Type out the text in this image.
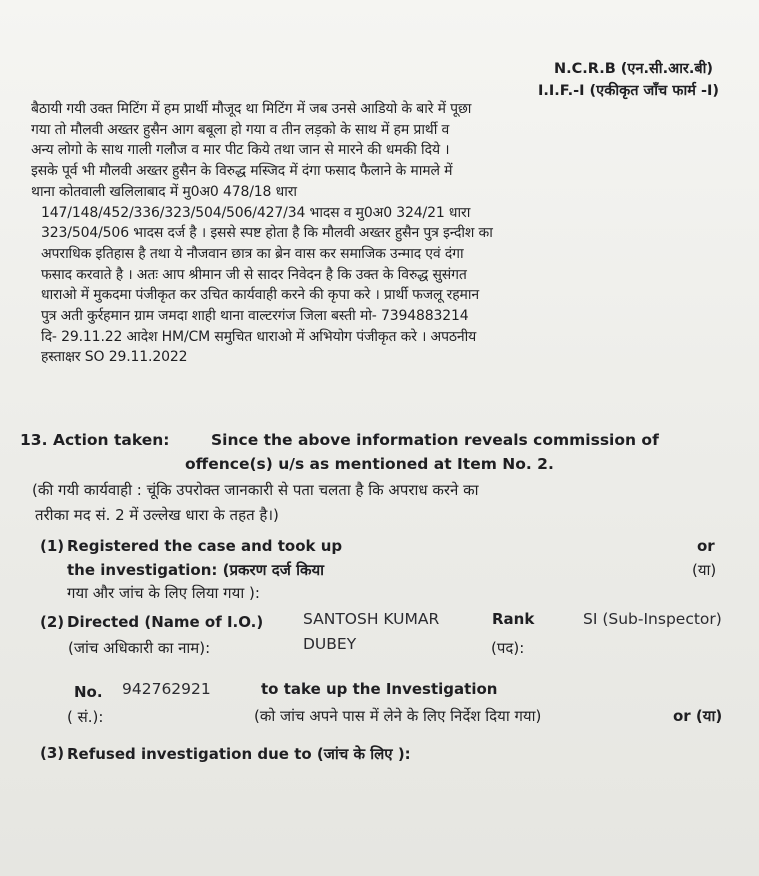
N.C.R.B (एन.सी.आर.बी)
I.I.F.-I (एकीकृत जाँच फार्म -I)
बैठायी गयी उक्त मिटिंग में हम प्रार्थी मौजूद था मिटिंग में जब उनसे आडियो के बारे में पूछा
गया तो मौलवी अख्तर हुसैन आग बबूला हो गया व तीन लड़को के साथ में हम प्रार्थी व
अन्य लोगो के साथ गाली गलौज व मार पीट किये तथा जान से मारने की धमकी दिये ।
इसके पूर्व भी मौलवी अख्तर हुसैन के विरुद्ध मस्जिद में दंगा फसाद फैलाने के मामले में
थाना कोतवाली खलिलाबाद में मु0अ0 478/18 धारा
147/148/452/336/323/504/506/427/34 भादस व मु0अ0 324/21 धारा
323/504/506 भादस दर्ज है । इससे स्पष्ट होता है कि मौलवी अख्तर हुसैन पुत्र इन्दीश का
अपराधिक इतिहास है तथा ये नौजवान छात्र का ब्रेन वास कर समाजिक उन्माद एवं दंगा
फसाद करवाते है । अतः आप श्रीमान जी से सादर निवेदन है कि उक्त के विरुद्ध सुसंगत
धाराओ में मुकदमा पंजीकृत कर उचित कार्यवाही करने की कृपा करे । प्रार्थी फजलू रहमान
पुत्र अती कुर्रहमान ग्राम जमदा शाही थाना वाल्टरगंज जिला बस्ती मो- 7394883214
दि- 29.11.22 आदेश HM/CM समुचित धाराओ में अभियोग पंजीकृत करे । अपठनीय
हस्ताक्षर SO 29.11.2022
13. Action taken:	Since the above information reveals commission of
offence(s) u/s as mentioned at Item No. 2.
(की गयी कार्यवाही : चूंकि उपरोक्त जानकारी से पता चलता है कि अपराध करने का
तरीका मद सं. 2 में उल्लेख धारा के तहत है।)
(1) Registered the case and took up	or
the investigation: (प्रकरण दर्ज किया	(या)
गया और जांच के लिए लिया गया ):
(2) Directed (Name of I.O.)	SANTOSH KUMAR	Rank	SI (Sub-Inspector)
(जांच अधिकारी का नाम):	DUBEY	(पद):
No. 942762921	to take up the Investigation
( सं.):	(को जांच अपने पास में लेने के लिए निर्देश दिया गया)	or (या)
(3) Refused investigation due to (जांच के लिए ):
